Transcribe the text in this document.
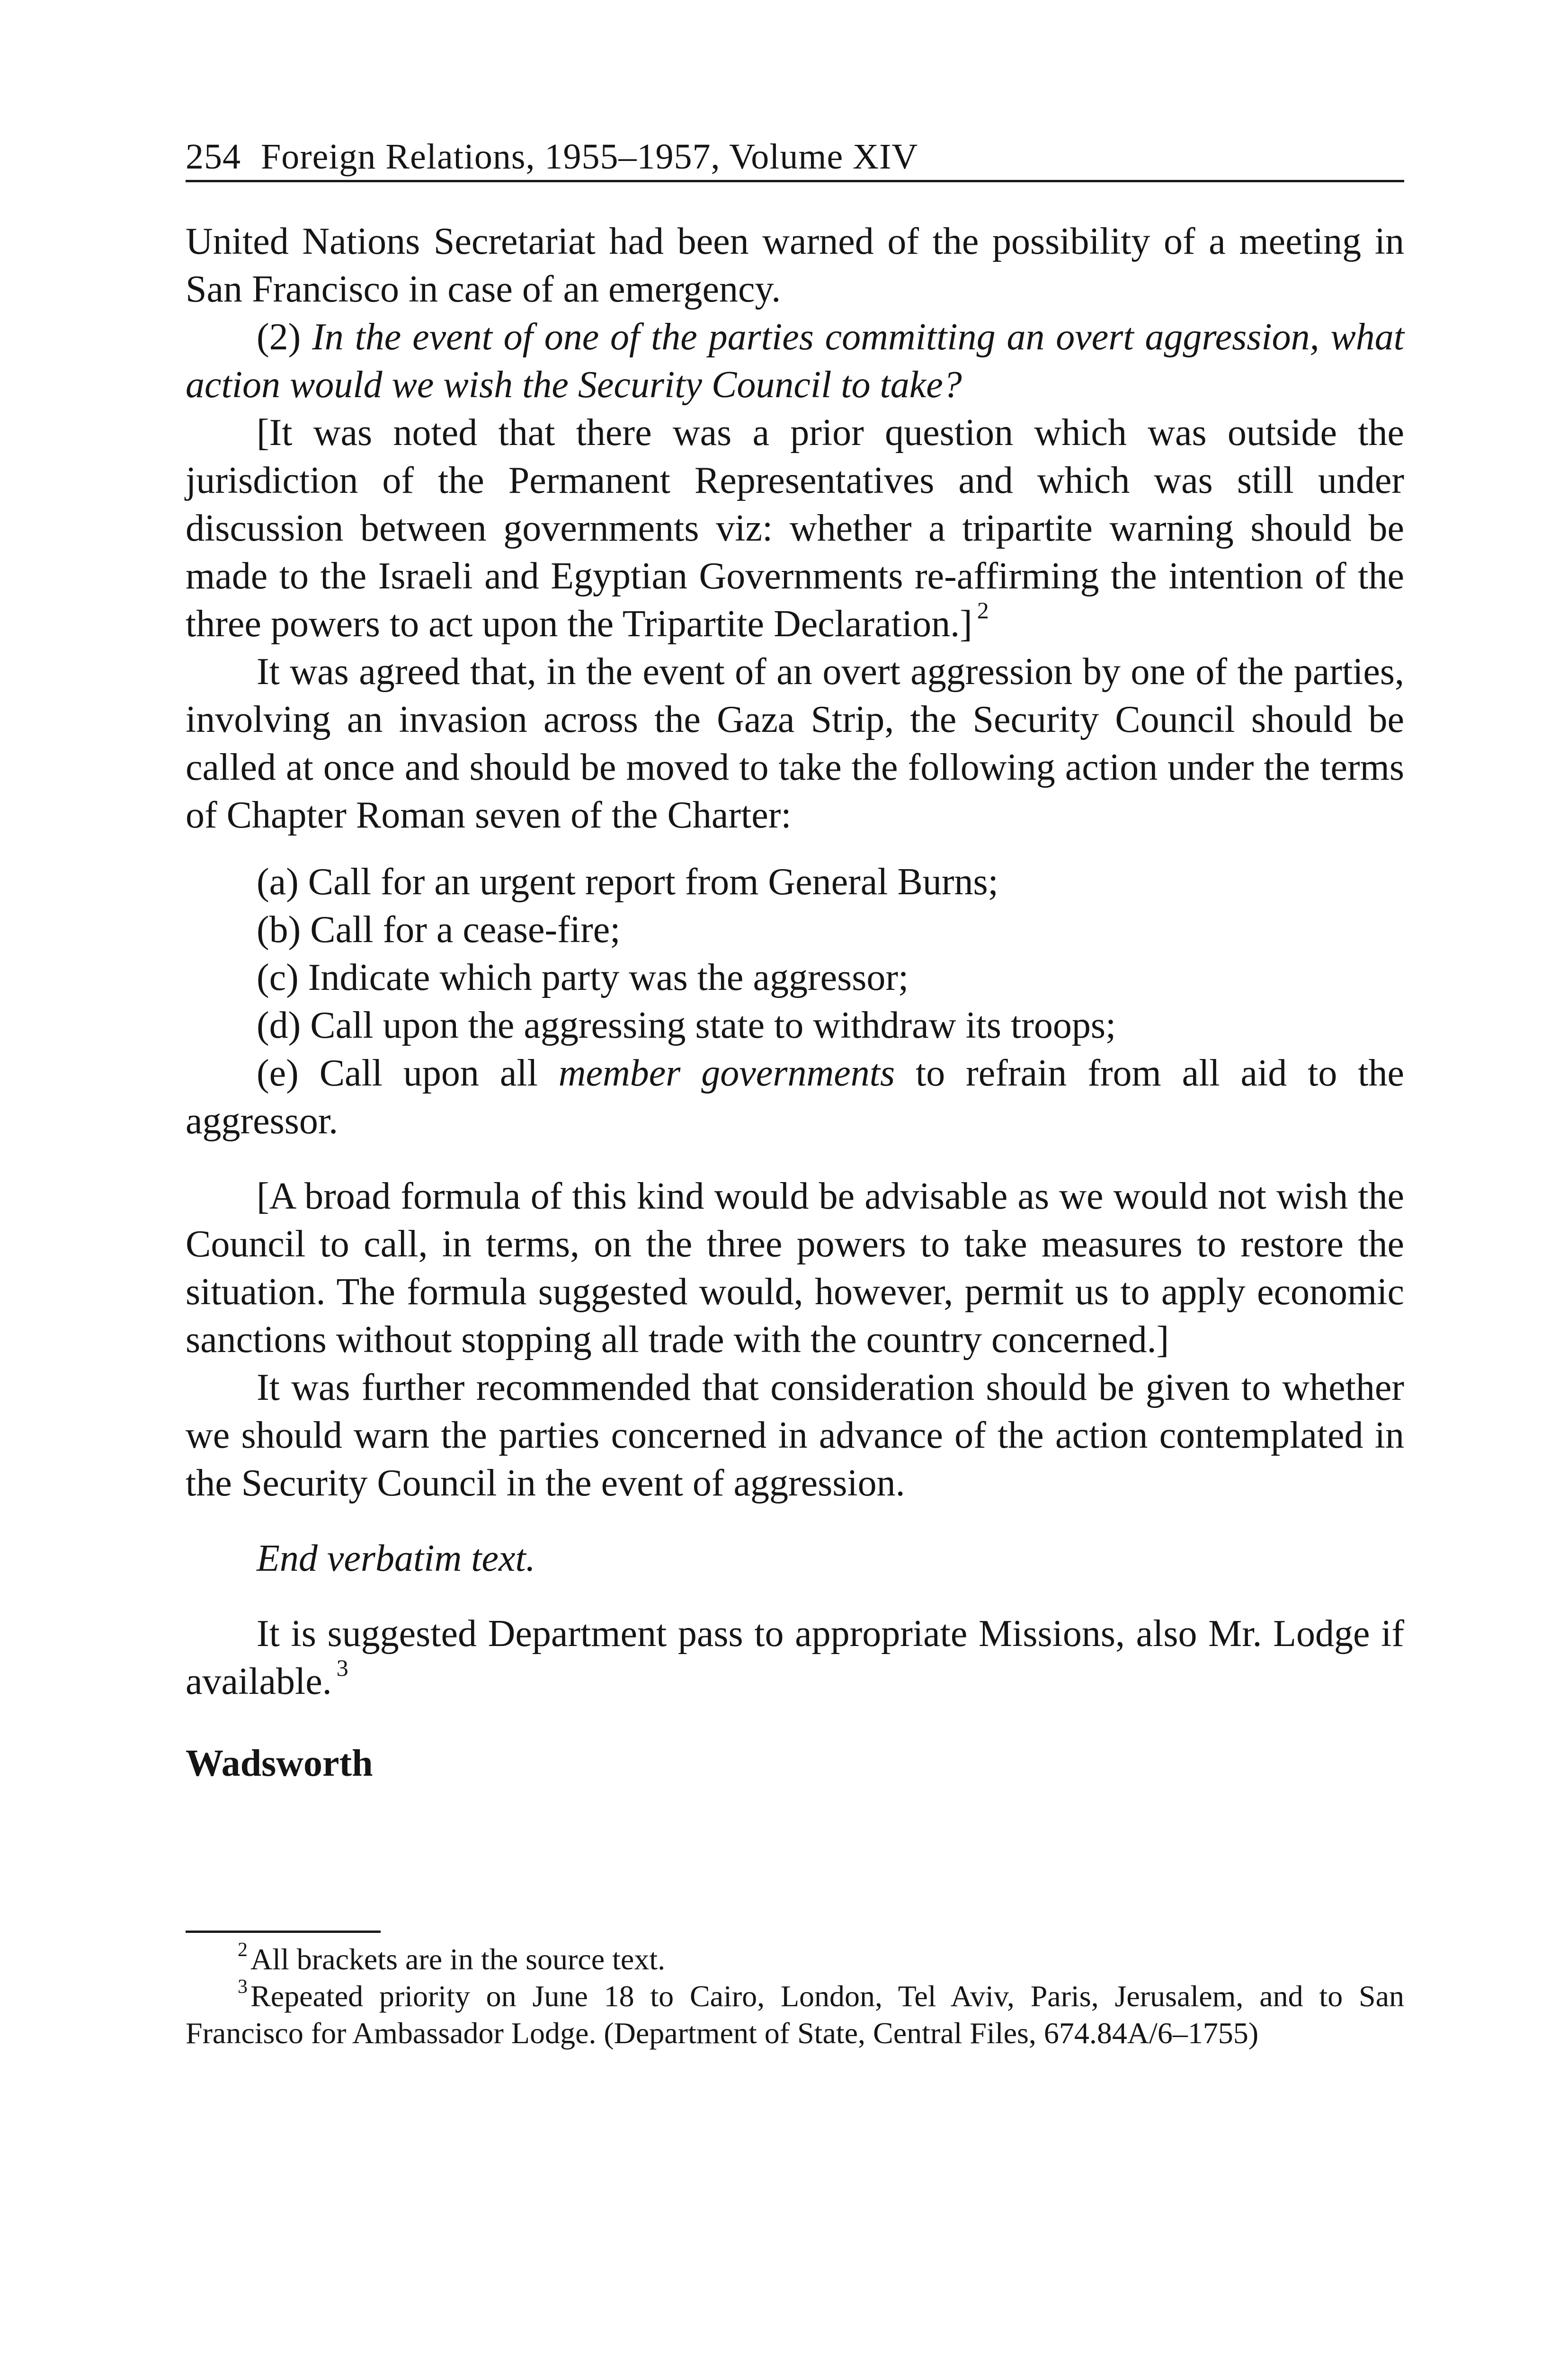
254 Foreign Relations, 1955–1957, Volume XIV

United Nations Secretariat had been warned of the possibility of a meeting in San Francisco in case of an emergency.

(2) In the event of one of the parties committing an overt aggression, what action would we wish the Security Council to take?

[It was noted that there was a prior question which was outside the jurisdiction of the Permanent Representatives and which was still under discussion between governments viz: whether a tripartite warning should be made to the Israeli and Egyptian Governments re-affirming the intention of the three powers to act upon the Tripartite Declaration.] $^2$

It was agreed that, in the event of an overt aggression by one of the parties, involving an invasion across the Gaza Strip, the Security Council should be called at once and should be moved to take the following action under the terms of Chapter Roman seven of the Charter:

(a) Call for an urgent report from General Burns;
(b) Call for a cease-fire;
(c) Indicate which party was the aggressor;
(d) Call upon the aggressing state to withdraw its troops;
(e) Call upon all member governments to refrain from all aid to the aggressor.

[A broad formula of this kind would be advisable as we would not wish the Council to call, in terms, on the three powers to take measures to restore the situation. The formula suggested would, however, permit us to apply economic sanctions without stopping all trade with the country concerned.]

It was further recommended that consideration should be given to whether we should warn the parties concerned in advance of the action contemplated in the Security Council in the event of aggression.

End verbatim text.

It is suggested Department pass to appropriate Missions, also Mr. Lodge if available. $^3$

Wadsworth

$^2$All brackets are in the source text.

$^3$Repeated priority on June 18 to Cairo, London, Tel Aviv, Paris, Jerusalem, and to San Francisco for Ambassador Lodge. (Department of State, Central Files, 674.84A/6–1755)
